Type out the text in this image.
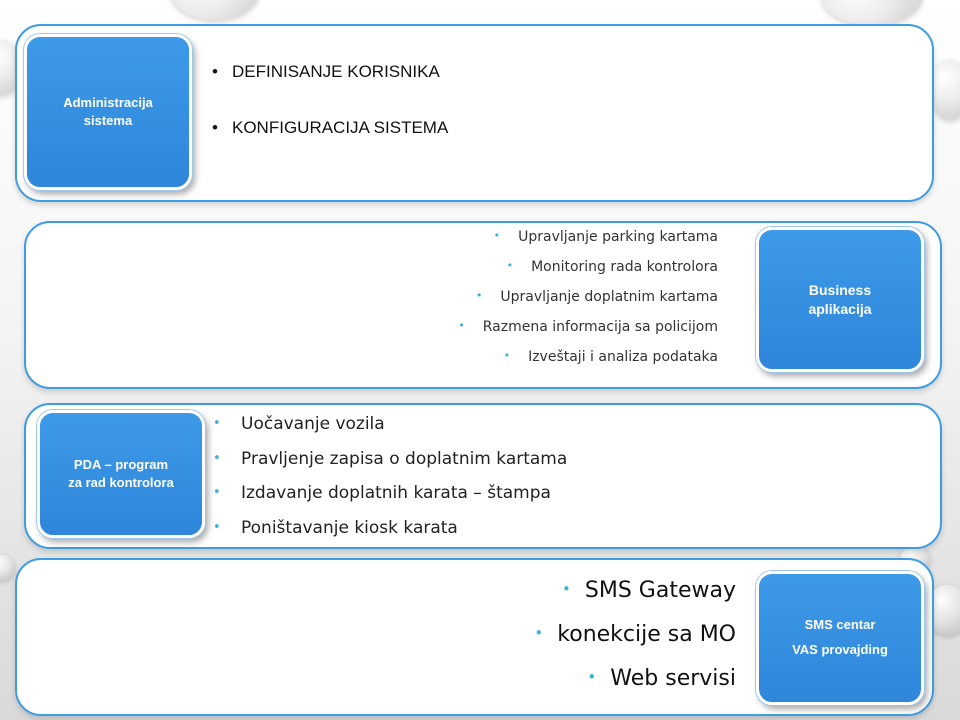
Administracija
sistema
• DEFINISANJE KORISNIKA
• KONFIGURACIJA SISTEMA
Business
aplikacija
• Upravljanje parking kartama
• Monitoring rada kontrolora
• Upravljanje doplatnim kartama
• Razmena informacija sa policijom
• Izveštaji i analiza podataka
PDA – program
za rad kontrolora
• Uočavanje vozila
• Pravljenje zapisa o doplatnim kartama
• Izdavanje doplatnih karata – štampa
• Poništavanje kiosk karata
SMS centar
VAS provajding
• SMS Gateway
• konekcije sa MO
• Web servisi
